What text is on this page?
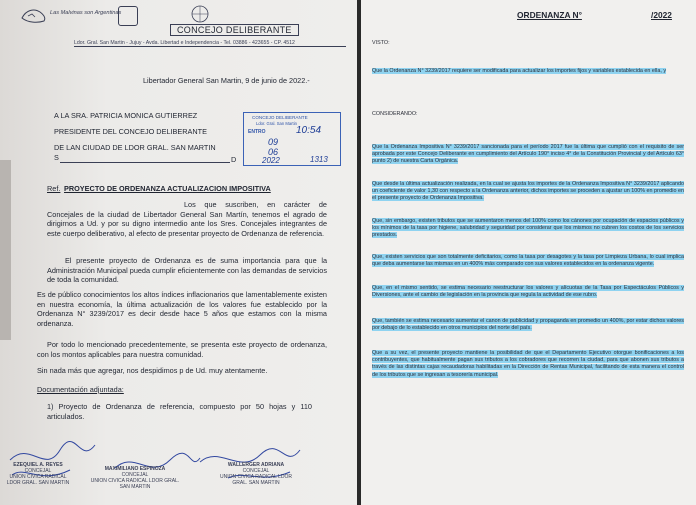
Las Malvinas son Argentinas
CONCEJO DELIBERANTE
Ldor. Gral. San Martin - Jujuy - Avda. Libertad e Independencia - Tel. 03886 - 423655 - CP. 4512
Libertador General San Martin, 9 de junio de 2022.-
A LA SRA. PATRICIA MONICA GUTIERREZ
PRESIDENTE DEL CONCEJO DELIBERANTE
DE LAN CIUDAD DE LDOR GRAL. SAN MARTIN
S	D
CONCEJO DELIBERANTE
Ldor. Gral. San Martin
ENTRO	10:54
09
06
2022	1313
Ref. PROYECTO DE ORDENANZA ACTUALIZACION IMPOSITIVA
Los que suscriben, en carácter de Concejales de la ciudad de Libertador General San Martín, tenemos el agrado de dirigirnos a Ud. y por su digno intermedio ante los Sres. Concejales integrantes de este cuerpo deliberativo, al efecto de presentar proyecto de Ordenanza de referencia.
El presente proyecto de Ordenanza es de suma importancia para que la Administración Municipal pueda cumplir eficientemente con las demandas de servicios de toda la comunidad.
Es de público conocimientos los altos índices inflacionarios que lamentablemente existen en nuestra economía, la última actualización de los valores fue establecido por la Ordenanza N° 3239/2017 es decir desde hace 5 años que estamos con la misma ordenanza.
Por todo lo mencionado precedentemente, se presenta este proyecto de ordenanza, con los montos aplicables para nuestra comunidad.
Sin nada más que agregar, nos despidimos p de Ud. muy atentamente.
Documentación adjuntada:
1) Proyecto de Ordenanza de referencia, compuesto por 50 hojas y 110 articulados.
EZEQUIEL A. REYES
CONCEJAL
UNION CIVICA RADICAL LDOR GRAL. SAN MARTIN
MAXIMILIANO ESPINOZA
CONCEJAL
UNION CIVICA RADICAL LDOR GRAL. SAN MARTIN
WALLERGER ADRIANA
CONCEJAL
UNION CIVICA RADICAL LDOR GRAL. SAN MARTIN
ORDENANZA N°	/2022
VISTO:
Que la Ordenanza N° 3239/2017 requiere ser modificada para actualizar los importes fijos y variables establecida en ella, y
CONSIDERANDO:
Que la Ordenanza Impositiva N° 3239/2017 sancionada para el período 2017 fue la última que cumplió con el requisito de ser aprobada por este Concejo Deliberante en cumplimiento del Artículo 190° inciso 4° de la Constitución Provincial y del Artículo 63° punto 2) de nuestra Carta Orgánica.
Que desde la última actualización realizada, en la cual se ajusta los importes de la Ordenanza Impositiva N° 3239/2017 aplicando un coeficiente de valor 1,30 con respecto a la Ordenanza anterior, dichos importes se proceden a ajustar un 100% en promedio en el presente proyecto de Ordenanza Impositiva.
Que, sin embargo, existen tributos que se aumentaron menos del 100% como los cánones por ocupación de espacios públicos y los mínimos de la tasa por higiene, salubridad y seguridad por considerar que los mismos no cubren los costos de los servicios prestados.
Que, existen servicios que son totalmente deficitarios, como la tasa por desagotes y la tasa por Limpieza Urbana, lo cual implica que deba aumentarse las mismas en un 400% más comparado con sus valores establecidos en la ordenanza vigente.
Que, en el mismo sentido, se estima necesario reestructurar los valores y alícuotas de la Tasa por Espectáculos Públicos y Diversiones, ante el cambio de legislación en la provincia que regula la actividad de ese rubro.
Que, también se estima necesario aumentar el canon de publicidad y propaganda en promedio un 400%, por estar dichos valores por debajo de lo establecido en otros municipios del norte del país.
Que a su vez, el presente proyecto mantiene la posibilidad de que el Departamento Ejecutivo otorgue bonificaciones a los contribuyentes, que habitualmente pagan sus tributos a los cobradores que recorren la ciudad, para que abonen sus tributos a través de las distintas cajas recaudadoras habilitadas en la Dirección de Rentas Municipal, facilitando de esta manera el control de los tributos que se ingresan a tesorería municipal.
